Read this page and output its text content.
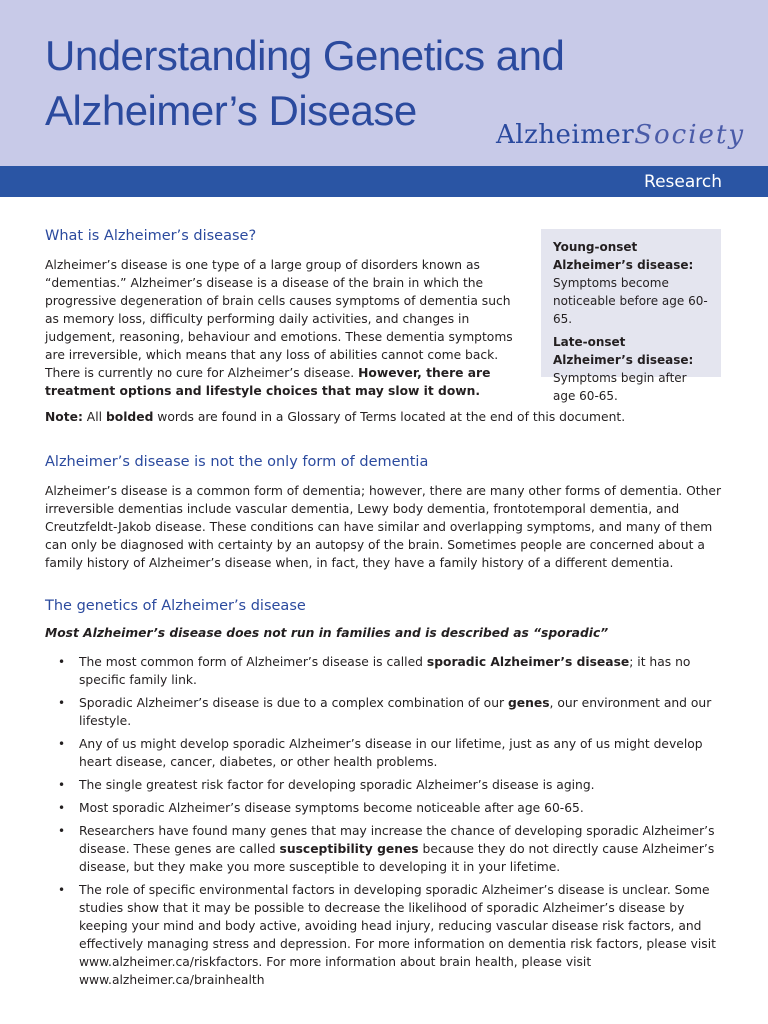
Understanding Genetics and
Alzheimer’s Disease
AlzheimerSociety
Research

Young-onset Alzheimer’s disease: Symptoms become noticeable before age 60-65.

Late-onset Alzheimer’s disease: Symptoms begin after age 60-65.

What is Alzheimer’s disease?

Alzheimer’s disease is one type of a large group of disorders known as “dementias.” Alzheimer’s disease is a disease of the brain in which the progressive degeneration of brain cells causes symptoms of dementia such as memory loss, difficulty performing daily activities, and changes in judgement, reasoning, behaviour and emotions. These dementia symptoms are irreversible, which means that any loss of abilities cannot come back. There is currently no cure for Alzheimer’s disease. However, there are treatment options and lifestyle choices that may slow it down.

Note: All bolded words are found in a Glossary of Terms located at the end of this document.

Alzheimer’s disease is not the only form of dementia

Alzheimer’s disease is a common form of dementia; however, there are many other forms of dementia. Other irreversible dementias include vascular dementia, Lewy body dementia, frontotemporal dementia, and Creutzfeldt-Jakob disease. These conditions can have similar and overlapping symptoms, and many of them can only be diagnosed with certainty by an autopsy of the brain. Sometimes people are concerned about a family history of Alzheimer’s disease when, in fact, they have a family history of a different dementia.

The genetics of Alzheimer’s disease

Most Alzheimer’s disease does not run in families and is described as “sporadic”

• The most common form of Alzheimer’s disease is called sporadic Alzheimer’s disease; it has no specific family link.
• Sporadic Alzheimer’s disease is due to a complex combination of our genes, our environment and our lifestyle.
• Any of us might develop sporadic Alzheimer’s disease in our lifetime, just as any of us might develop heart disease, cancer, diabetes, or other health problems.
• The single greatest risk factor for developing sporadic Alzheimer’s disease is aging.
• Most sporadic Alzheimer’s disease symptoms become noticeable after age 60-65.
• Researchers have found many genes that may increase the chance of developing sporadic Alzheimer’s disease. These genes are called susceptibility genes because they do not directly cause Alzheimer’s disease, but they make you more susceptible to developing it in your lifetime.
• The role of specific environmental factors in developing sporadic Alzheimer’s disease is unclear. Some studies show that it may be possible to decrease the likelihood of sporadic Alzheimer’s disease by keeping your mind and body active, avoiding head injury, reducing vascular disease risk factors, and effectively managing stress and depression. For more information on dementia risk factors, please visit www.alzheimer.ca/riskfactors. For more information about brain health, please visit www.alzheimer.ca/brainhealth
